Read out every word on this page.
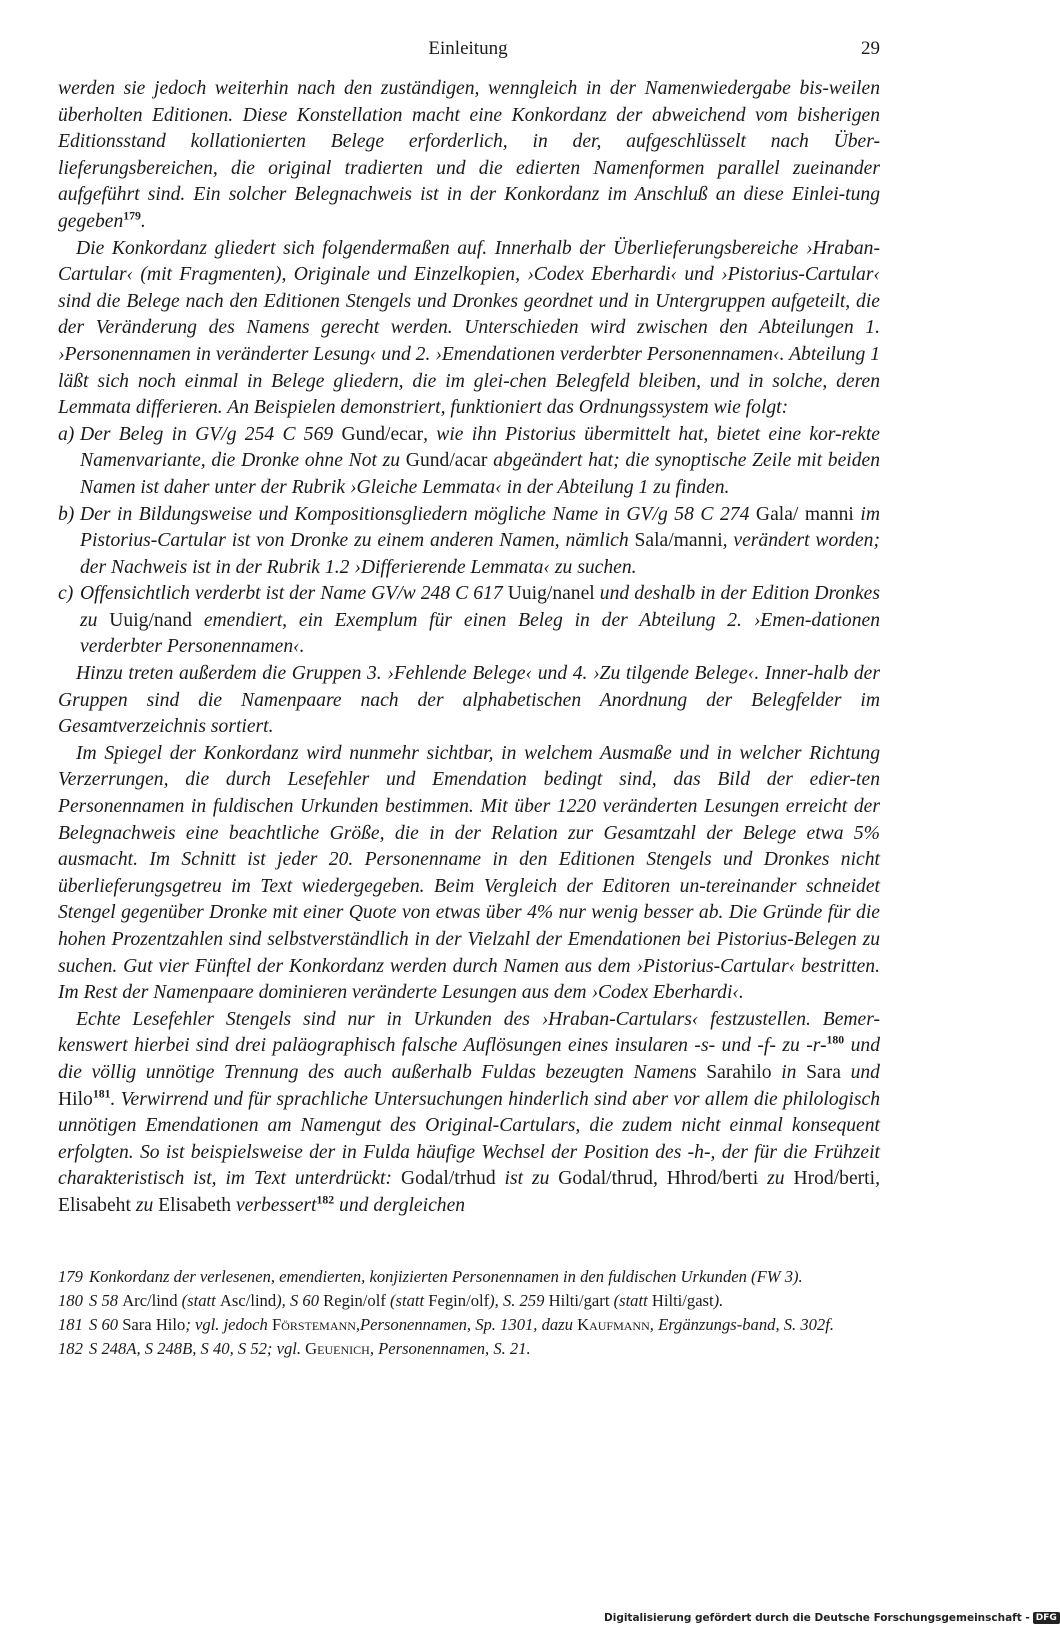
Einleitung	29

werden sie jedoch weiterhin nach den zuständigen, wenngleich in der Namenwiedergabe bis-weilen überholten Editionen. Diese Konstellation macht eine Konkordanz der abweichend vom bisherigen Editionsstand kollationierten Belege erforderlich, in der, aufgeschlüsselt nach Über-lieferungsbereichen, die original tradierten und die edierten Namenformen parallel zueinander aufgeführt sind. Ein solcher Belegnachweis ist in der Konkordanz im Anschluß an diese Einlei-tung gegeben$^{179}$.

Die Konkordanz gliedert sich folgendermaßen auf. Innerhalb der Überlieferungsbereiche ›Hraban-Cartular‹ (mit Fragmenten), Originale und Einzelkopien, ›Codex Eberhardi‹ und ›Pistorius-Cartular‹ sind die Belege nach den Editionen Stengels und Dronkes geordnet und in Untergruppen aufgeteilt, die der Veränderung des Namens gerecht werden. Unterschieden wird zwischen den Abteilungen 1. ›Personennamen in veränderter Lesung‹ und 2. ›Emendationen verderbter Personennamen‹. Abteilung 1 läßt sich noch einmal in Belege gliedern, die im glei-chen Belegfeld bleiben, und in solche, deren Lemmata differieren. An Beispielen demonstriert, funktioniert das Ordnungssystem wie folgt:

a) Der Beleg in GV/g 254 C 569 Gund/ecar, wie ihn Pistorius übermittelt hat, bietet eine kor-rekte Namenvariante, die Dronke ohne Not zu Gund/acar abgeändert hat; die synoptische Zeile mit beiden Namen ist daher unter der Rubrik ›Gleiche Lemmata‹ in der Abteilung 1 zu finden.
b) Der in Bildungsweise und Kompositionsgliedern mögliche Name in GV/g 58 C 274 Gala/ manni im Pistorius-Cartular ist von Dronke zu einem anderen Namen, nämlich Sala/manni, verändert worden; der Nachweis ist in der Rubrik 1.2 ›Differierende Lemmata‹ zu suchen.
c) Offensichtlich verderbt ist der Name GV/w 248 C 617 Uuig/nanel und deshalb in der Edition Dronkes zu Uuig/nand emendiert, ein Exemplum für einen Beleg in der Abteilung 2. ›Emen-dationen verderbter Personennamen‹.

Hinzu treten außerdem die Gruppen 3. ›Fehlende Belege‹ und 4. ›Zu tilgende Belege‹. Inner-halb der Gruppen sind die Namenpaare nach der alphabetischen Anordnung der Belegfelder im Gesamtverzeichnis sortiert.

Im Spiegel der Konkordanz wird nunmehr sichtbar, in welchem Ausmaße und in welcher Richtung Verzerrungen, die durch Lesefehler und Emendation bedingt sind, das Bild der edier-ten Personennamen in fuldischen Urkunden bestimmen. Mit über 1220 veränderten Lesungen erreicht der Belegnachweis eine beachtliche Größe, die in der Relation zur Gesamtzahl der Belege etwa 5% ausmacht. Im Schnitt ist jeder 20. Personenname in den Editionen Stengels und Dronkes nicht überlieferungsgetreu im Text wiedergegeben. Beim Vergleich der Editoren un-tereinander schneidet Stengel gegenüber Dronke mit einer Quote von etwas über 4% nur wenig besser ab. Die Gründe für die hohen Prozentzahlen sind selbstverständlich in der Vielzahl der Emendationen bei Pistorius-Belegen zu suchen. Gut vier Fünftel der Konkordanz werden durch Namen aus dem ›Pistorius-Cartular‹ bestritten. Im Rest der Namenpaare dominieren veränderte Lesungen aus dem ›Codex Eberhardi‹.

Echte Lesefehler Stengels sind nur in Urkunden des ›Hraban-Cartulars‹ festzustellen. Bemer-kenswert hierbei sind drei paläographisch falsche Auflösungen eines insularen -s- und -f- zu -r-$^{180}$ und die völlig unnötige Trennung des auch außerhalb Fuldas bezeugten Namens Sarahilo in Sara und Hilo$^{181}$. Verwirrend und für sprachliche Untersuchungen hinderlich sind aber vor allem die philologisch unnötigen Emendationen am Namengut des Original-Cartulars, die zudem nicht einmal konsequent erfolgten. So ist beispielsweise der in Fulda häufige Wechsel der Position des -h-, der für die Frühzeit charakteristisch ist, im Text unterdrückt: Godal/trhud ist zu Godal/thrud, Hhrod/berti zu Hrod/berti, Elisabeht zu Elisabeth verbessert$^{182}$ und dergleichen

179 Konkordanz der verlesenen, emendierten, konjizierten Personennamen in den fuldischen Urkunden (FW 3).
180 S 58 Arc/lind (statt Asc/lind), S 60 Regin/olf (statt Fegin/olf), S. 259 Hilti/gart (statt Hilti/gast).
181 S 60 Sara Hilo; vgl. jedoch Förstemann,Personennamen, Sp. 1301, dazu Kaufmann, Ergänzungs-band, S. 302f.
182 S 248A, S 248B, S 40, S 52; vgl. Geuenich, Personennamen, S. 21.
Digitalisierung gefördert durch die Deutsche Forschungsgemeinschaft - DFG
